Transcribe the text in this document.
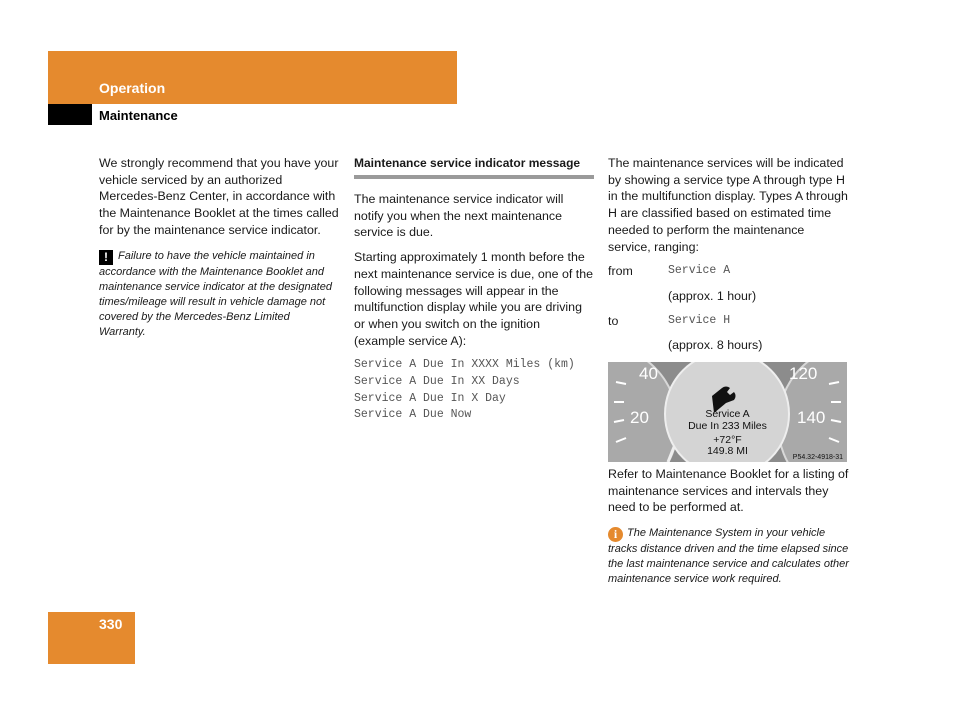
Operation
Maintenance

We strongly recommend that you have your vehicle serviced by an authorized Mercedes-Benz Center, in accordance with the Maintenance Booklet at the times called for by the maintenance service indicator.

! Failure to have the vehicle maintained in accordance with the Maintenance Booklet and maintenance service indicator at the designated times/mileage will result in vehicle damage not covered by the Mercedes-Benz Limited Warranty.
Maintenance service indicator message

The maintenance service indicator will notify you when the next maintenance service is due.

Starting approximately 1 month before the next maintenance service is due, one of the following messages will appear in the multifunction display while you are driving or when you switch on the ignition (example service A):

Service A Due In XXXX Miles (km)
Service A Due In XX Days
Service A Due In X Day
Service A Due Now

The maintenance services will be indicated by showing a service type A through type H in the multifunction display. Types A through H are classified based on estimated time needed to perform the maintenance service, ranging:

from	Service A
(approx. 1 hour)
to	Service H
(approx. 8 hours)
40
20
120
140
Service A
Due In 233 Miles
+72°F
149.8 MI
P54.32-4918-31

Refer to Maintenance Booklet for a listing of maintenance services and intervals they need to be performed at.

i The Maintenance System in your vehicle tracks distance driven and the time elapsed since the last maintenance service and calculates other maintenance service work required.
330
